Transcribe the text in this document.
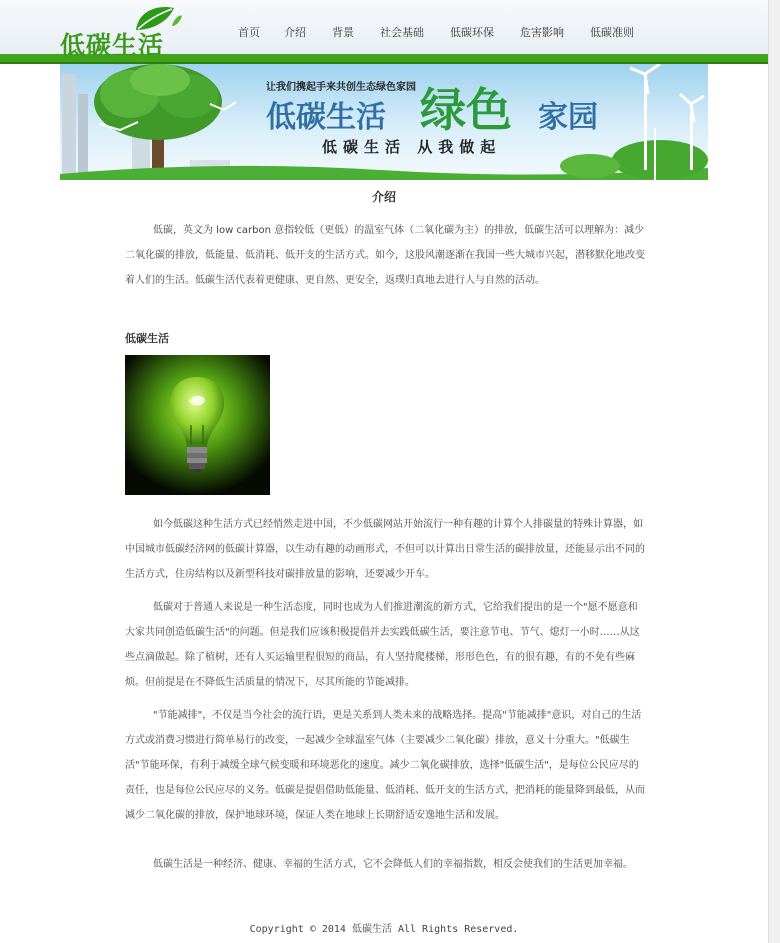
低碳生活	首页 介绍 背景 社会基础 低碳环保 危害影响 低碳准则
让我们携起手来共创生态绿色家园
低碳生活 绿色 家园
低碳生活 从我做起
介绍

低碳，英文为 low carbon 意指较低（更低）的温室气体（二氧化碳为主）的排放，低碳生活可以理解为：减少二氧化碳的排放，低能量、低消耗、低开支的生活方式。如今，这股风潮逐渐在我国一些大城市兴起，潜移默化地改变着人们的生活。低碳生活代表着更健康、更自然、更安全，返璞归真地去进行人与自然的活动。

低碳生活

如今低碳这种生活方式已经悄然走进中国，不少低碳网站开始流行一种有趣的计算个人排碳量的特殊计算器，如中国城市低碳经济网的低碳计算器，以生动有趣的动画形式，不但可以计算出日常生活的碳排放量，还能显示出不同的生活方式，住房结构以及新型科技对碳排放量的影响，还要减少开车。

低碳对于普通人来说是一种生活态度，同时也成为人们推进潮流的新方式，它给我们提出的是一个"愿不愿意和大家共同创造低碳生活"的问题。但是我们应该积极提倡并去实践低碳生活，要注意节电、节气、熄灯一小时……从这些点滴做起。除了植树，还有人买运输里程很短的商品，有人坚持爬楼梯，形形色色，有的很有趣，有的不免有些麻烦。但前提是在不降低生活质量的情况下，尽其所能的节能减排。

"节能减排"，不仅是当今社会的流行语，更是关系到人类未来的战略选择。提高"节能减排"意识，对自己的生活方式或消费习惯进行简单易行的改变，一起减少全球温室气体（主要减少二氧化碳）排放，意义十分重大。"低碳生活"节能环保，有利于减缓全球气候变暖和环境恶化的速度。减少二氧化碳排放，选择"低碳生活"，是每位公民应尽的责任，也是每位公民应尽的义务。低碳是提倡借助低能量、低消耗、低开支的生活方式，把消耗的能量降到最低，从而减少二氧化碳的排放，保护地球环境，保证人类在地球上长期舒适安逸地生活和发展。

低碳生活是一种经济、健康、幸福的生活方式，它不会降低人们的幸福指数，相反会使我们的生活更加幸福。

Copyright © 2014 低碳生活 All Rights Reserved.
